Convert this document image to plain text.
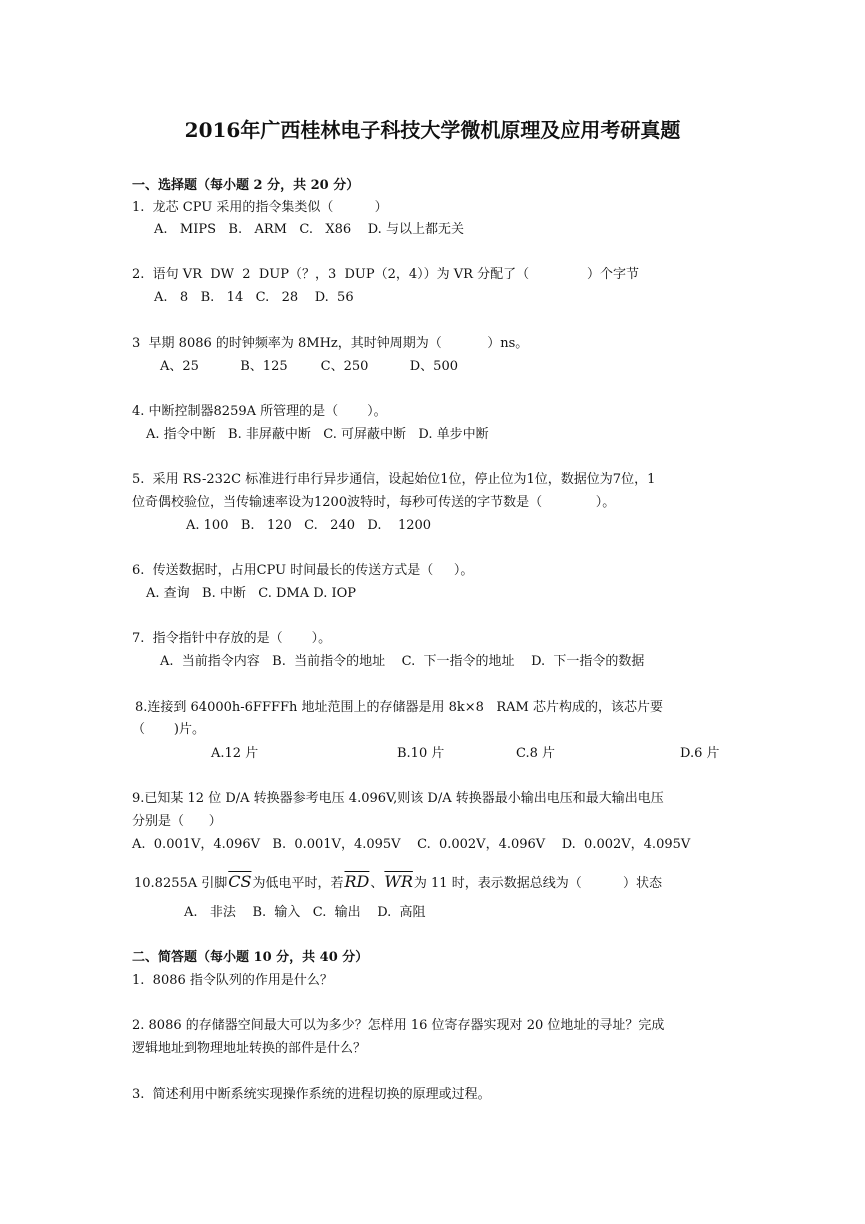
2016年广西桂林电子科技大学微机原理及应用考研真题

一、选择题（每小题 2 分，共 20 分）

1.  龙芯 CPU 采用的指令集类似（          ）

A.   MIPS   B.   ARM   C.   X86    D. 与以上都无关

2.  语句 VR  DW  2  DUP（？，3  DUP（2，4））为 VR 分配了（              ）个字节

A.   8   B.   14   C.   28    D.  56

3  早期 8086 的时钟频率为 8MHz，其时钟周期为（           ）ns。

A、25          B、125        C、250          D、500

4. 中断控制器8259A 所管理的是（       ）。

A. 指令中断   B. 非屏蔽中断   C. 可屏蔽中断   D. 单步中断

5.  采用 RS-232C 标准进行串行异步通信，设起始位1位，停止位为1位，数据位为7位，1

位奇偶校验位，当传输速率设为1200波特时，每秒可传送的字节数是（             ）。

A. 100   B.   120   C.   240   D.    1200

6.  传送数据时，占用CPU 时间最长的传送方式是（     ）。

A. 查询   B. 中断   C. DMA D. IOP

7.  指令指针中存放的是（       ）。

A.  当前指令内容   B.  当前指令的地址    C.  下一指令的地址    D.  下一指令的数据

8.连接到 64000h-6FFFFh 地址范围上的存储器是用 8k×8   RAM 芯片构成的，该芯片要

（       )片。

A.12 片	B.10 片	C.8 片	D.6 片

9.已知某 12 位 D/A 转换器参考电压 4.096V,则该 D/A 转换器最小输出电压和最大输出电压

分别是（      ）

A.  0.001V，4.096V   B.  0.001V，4.095V    C.  0.002V，4.096V    D.  0.002V，4.095V

10.8255A 引脚$\overline{CS}$为低电平时，若$\overline{RD}$、$\overline{WR}$为 11 时，表示数据总线为（          ）状态

A.   非法    B.  输入   C.  输出    D.  高阻

二、简答题（每小题 10 分，共 40 分）

1.  8086 指令队列的作用是什么？

2. 8086 的存储器空间最大可以为多少？怎样用 16 位寄存器实现对 20 位地址的寻址？完成

逻辑地址到物理地址转换的部件是什么？

3.  简述利用中断系统实现操作系统的进程切换的原理或过程。
